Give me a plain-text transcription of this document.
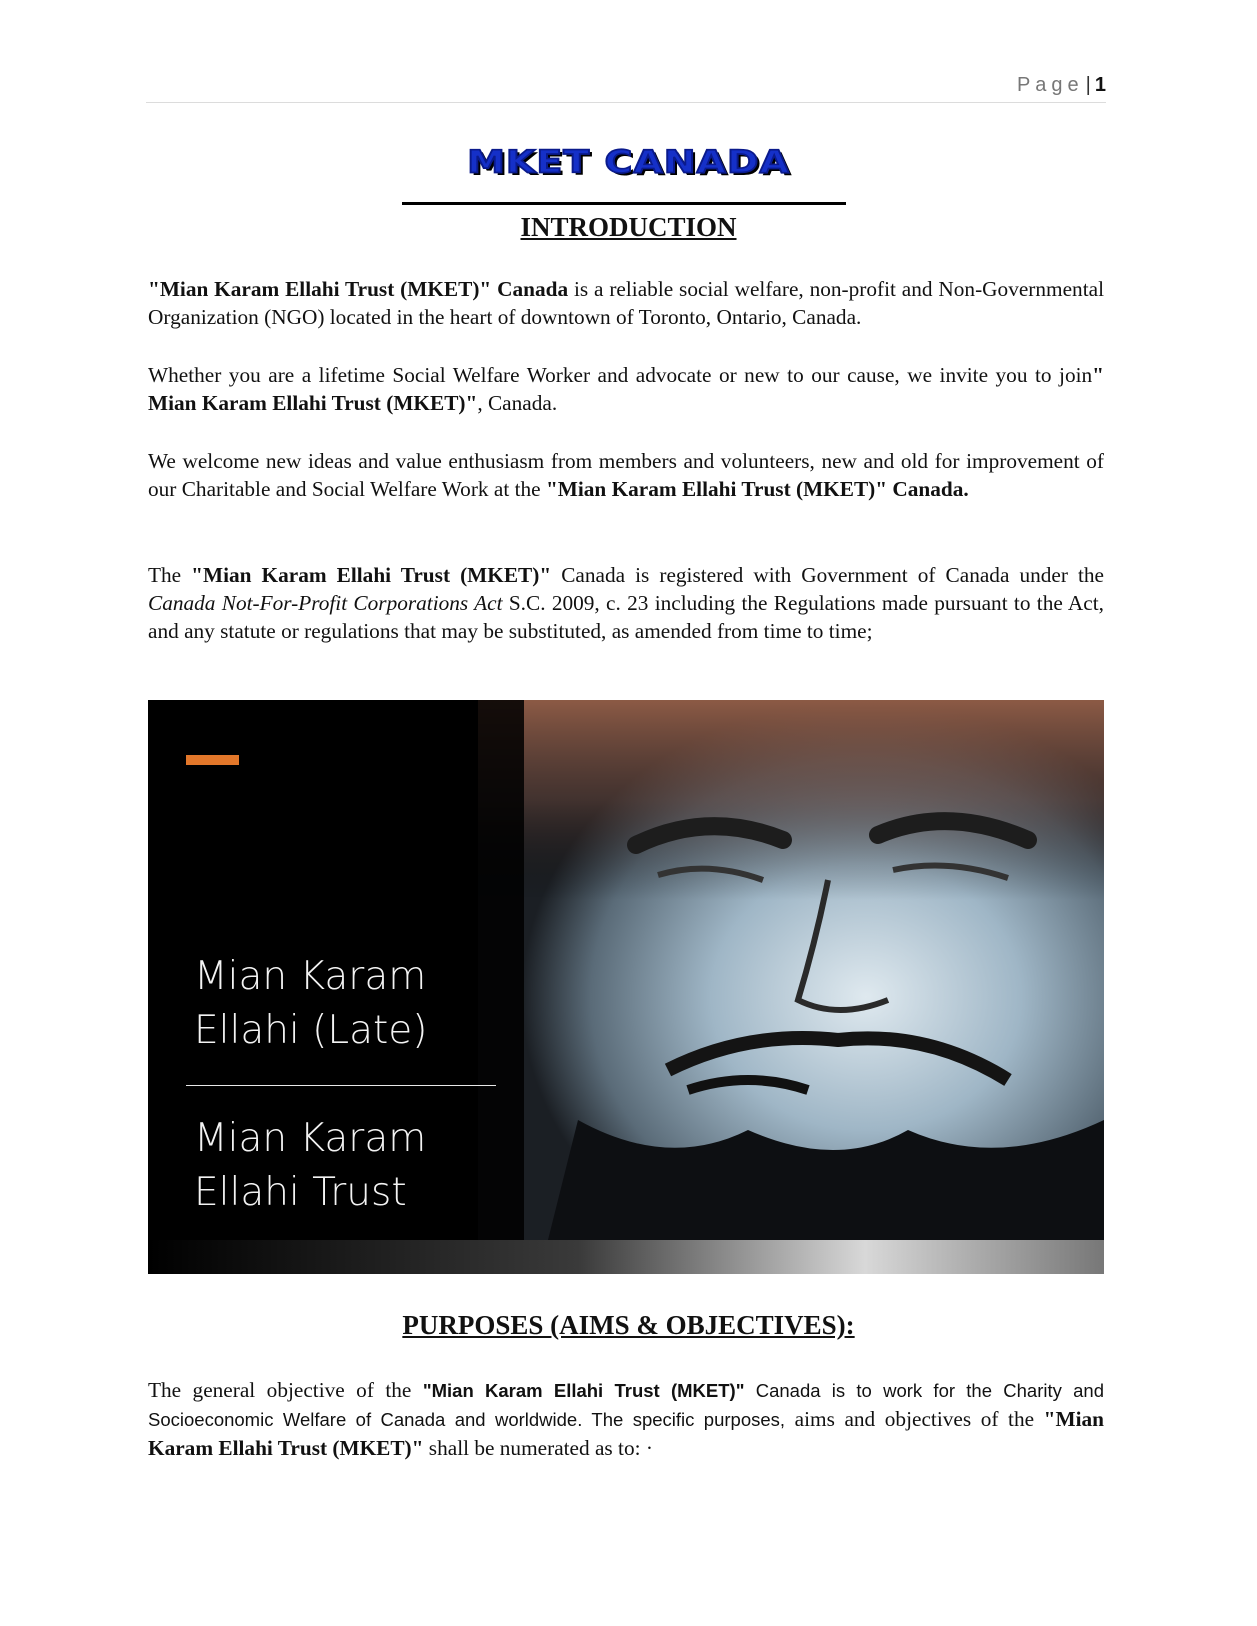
Page | 1
MKET CANADA
INTRODUCTION

"Mian Karam Ellahi Trust (MKET)" Canada is a reliable social welfare, non-profit and Non-Governmental Organization (NGO) located in the heart of downtown of Toronto, Ontario, Canada.

Whether you are a lifetime Social Welfare Worker and advocate or new to our cause, we invite you to join" Mian Karam Ellahi Trust (MKET)", Canada.

We welcome new ideas and value enthusiasm from members and volunteers, new and old for improvement of our Charitable and Social Welfare Work at the "Mian Karam Ellahi Trust (MKET)" Canada.

The "Mian Karam Ellahi Trust (MKET)" Canada is registered with Government of Canada under the Canada Not-For-Profit Corporations Act S.C. 2009, c. 23 including the Regulations made pursuant to the Act, and any statute or regulations that may be substituted, as amended from time to time;

Mian Karam Ellahi (Late)
Mian Karam Ellahi Trust
PURPOSES (AIMS & OBJECTIVES):

The general objective of the "Mian Karam Ellahi Trust (MKET)" Canada is to work for the Charity and Socioeconomic Welfare of Canada and worldwide. The specific purposes, aims and objectives of the "Mian Karam Ellahi Trust (MKET)" shall be numerated as to: ·
